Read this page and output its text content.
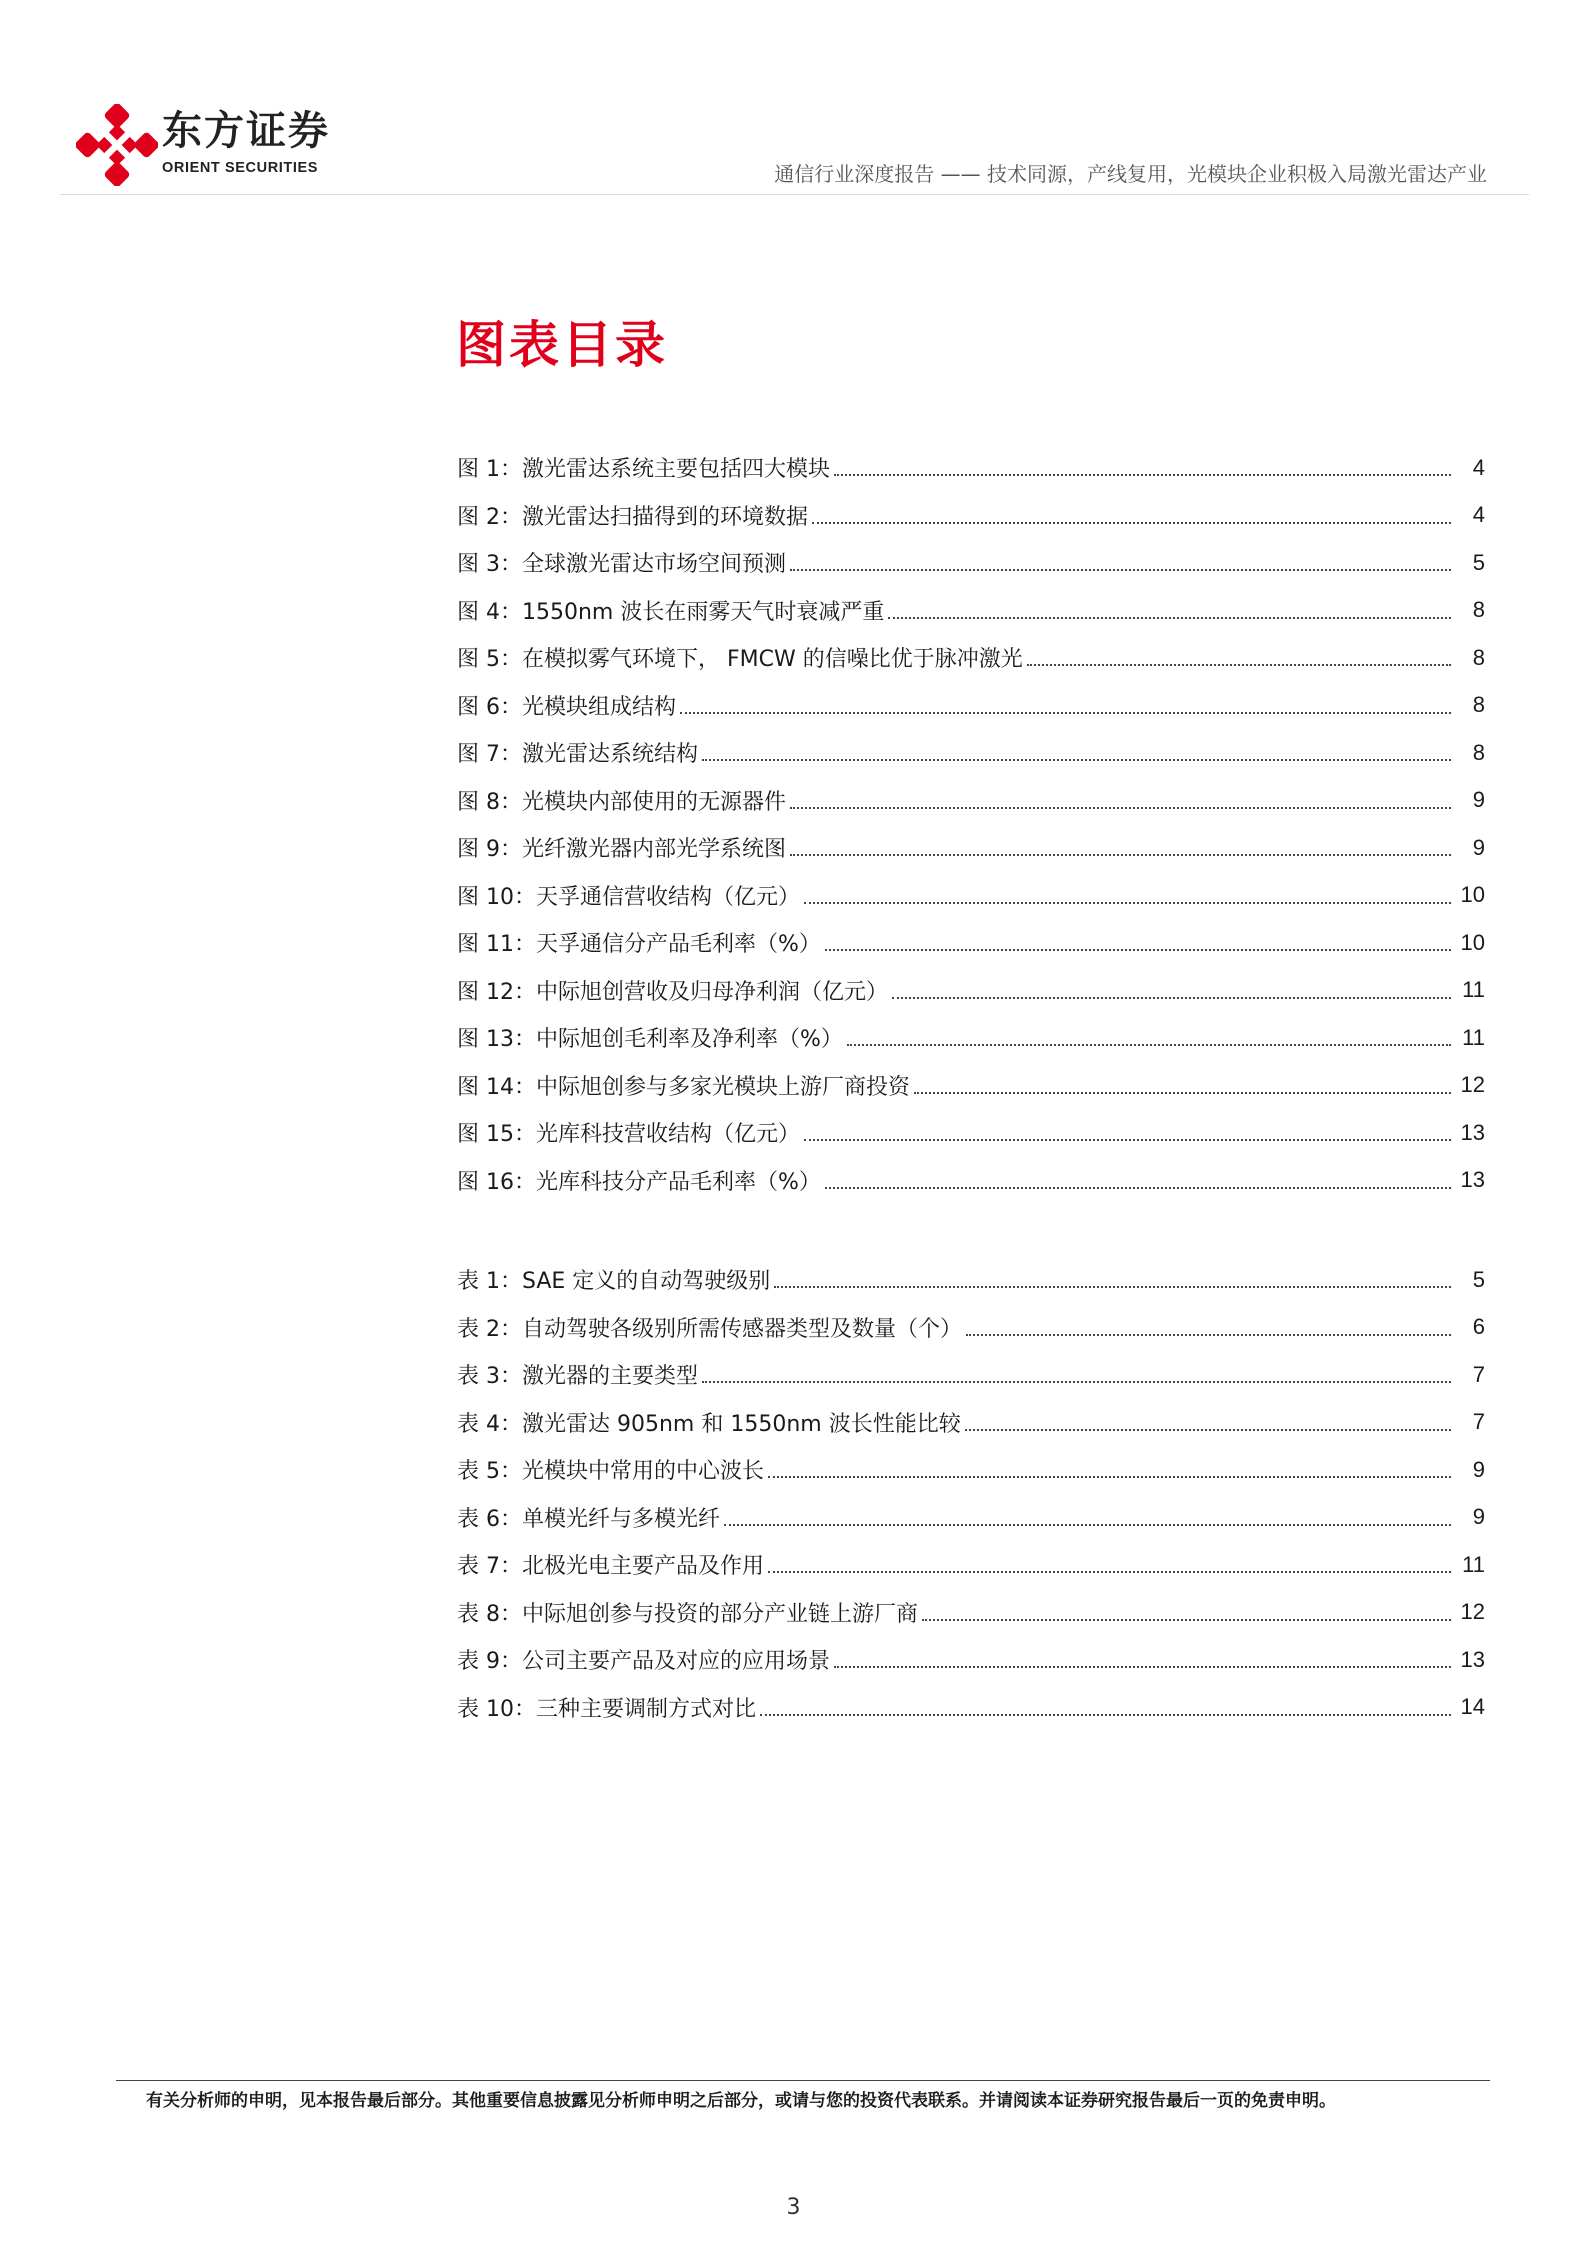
东方证券
ORIENT SECURITIES	通信行业深度报告 —— 技术同源，产线复用，光模块企业积极入局激光雷达产业
图表目录
图 1：激光雷达系统主要包括四大模块	4
图 2：激光雷达扫描得到的环境数据	4
图 3：全球激光雷达市场空间预测	5
图 4：1550nm 波长在雨雾天气时衰减严重	8
图 5：在模拟雾气环境下， FMCW 的信噪比优于脉冲激光	8
图 6：光模块组成结构	8
图 7：激光雷达系统结构	8
图 8：光模块内部使用的无源器件	9
图 9：光纤激光器内部光学系统图	9
图 10：天孚通信营收结构（亿元）	10
图 11：天孚通信分产品毛利率（%）	10
图 12：中际旭创营收及归母净利润（亿元）	11
图 13：中际旭创毛利率及净利率（%）	11
图 14：中际旭创参与多家光模块上游厂商投资	12
图 15：光库科技营收结构（亿元）	13
图 16：光库科技分产品毛利率（%）	13
表 1：SAE 定义的自动驾驶级别	5
表 2：自动驾驶各级别所需传感器类型及数量（个）	6
表 3：激光器的主要类型	7
表 4：激光雷达 905nm 和 1550nm 波长性能比较	7
表 5：光模块中常用的中心波长	9
表 6：单模光纤与多模光纤	9
表 7：北极光电主要产品及作用	11
表 8：中际旭创参与投资的部分产业链上游厂商	12
表 9：公司主要产品及对应的应用场景	13
表 10：三种主要调制方式对比	14
有关分析师的申明，见本报告最后部分。其他重要信息披露见分析师申明之后部分，或请与您的投资代表联系。并请阅读本证券研究报告最后一页的免责申明。
3
